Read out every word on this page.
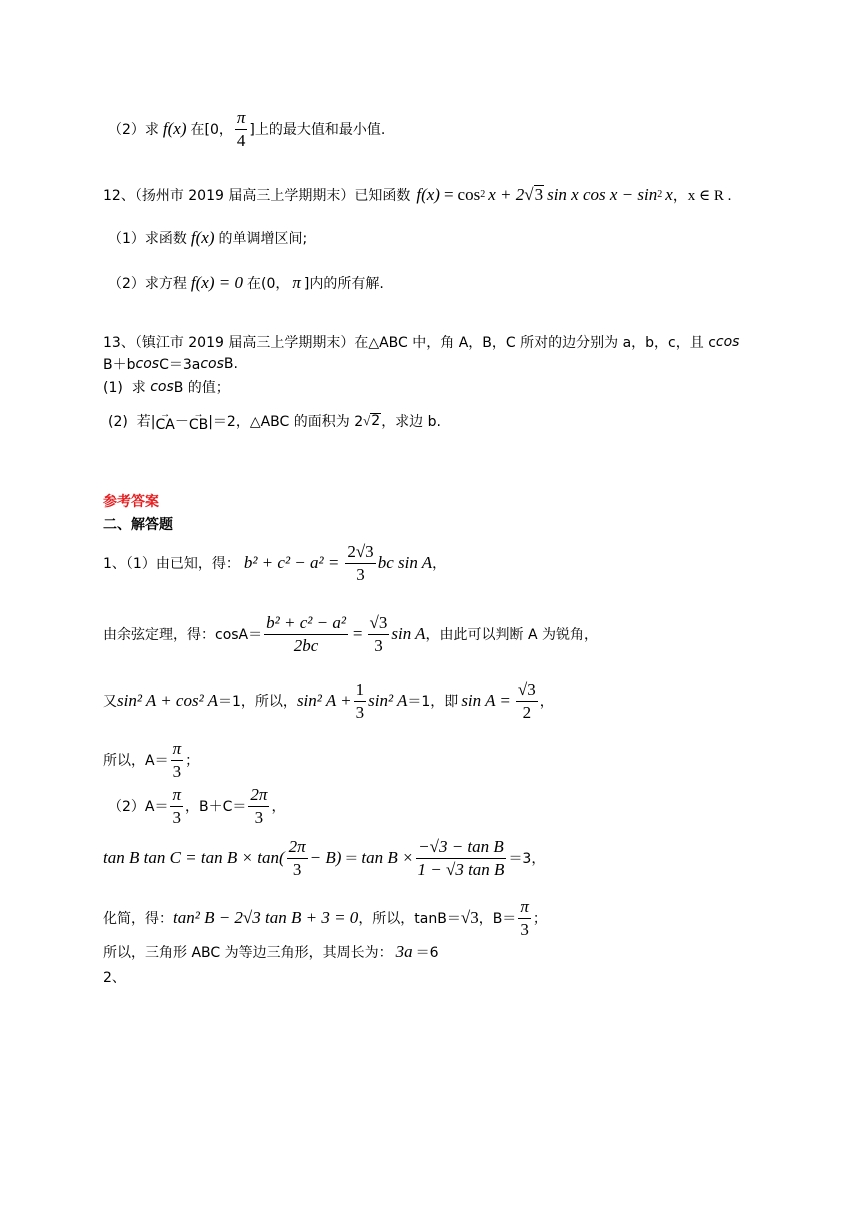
（2）求 f(x) 在[0， $\frac{\pi}{4}$ ]上的最大值和最小值.
12、（扬州市 2019 届高三上学期期末）已知函数 f(x) = cos 2 x + 2 √ 3 sin x cos x − sin 2 x ，x ∈ R .
（1）求函数 f(x) 的单调增区间;
（2）求方程 f(x) = 0 在(0， π ]内的所有解.
13、（镇江市 2019 届高三上学期期末）在△ABC 中，角 A，B，C 所对的边分别为 a，b，c，且 c cos
B＋b cos C＝3a cos B.
(1)  求 cos B 的值；
(2)  若| →
CA － →
CB |＝2，△ABC 的面积为 2 √ 2 ，求边 b.
参考答案
二、解答题
1、（1）由已知，得： $b^2 + c^2 - a^2 = \frac{2√3}{3}$ bc sin A ，
由余弦定理，得：$\cos A= \frac{\text{b² + c² − a²}}{2bc} = \frac{√3}{3}$ sin A ，由此可以判断 A 为锐角，
又 sin² A + cos² A ＝1，所以， sin² $A + \frac{1}{3} \sin^2$ A ＝1，即 $\sin A = \frac{√3}{2}$ ，
所以，$A= \frac{\pi}{3}$ ；
$(2)A= \frac{\pi}{3}$ ，$B+C= \frac{2\pi}{3}$ ，
tan B $\tan C = \tan B \times \tan( \frac{2\pi}{3} - B) = \tan B \times \frac{\text{−√3 − tan B}}{\text{1 − √3 tan B}} =3$，
化简，得： tan² B − 2√3 tan B + 3 = 0 ，所以，tanB＝ √3 ，$B= \frac{\pi}{3}$ ；
所以，三角形 ABC 为等边三角形，其周长为： 3a ＝6
2、
